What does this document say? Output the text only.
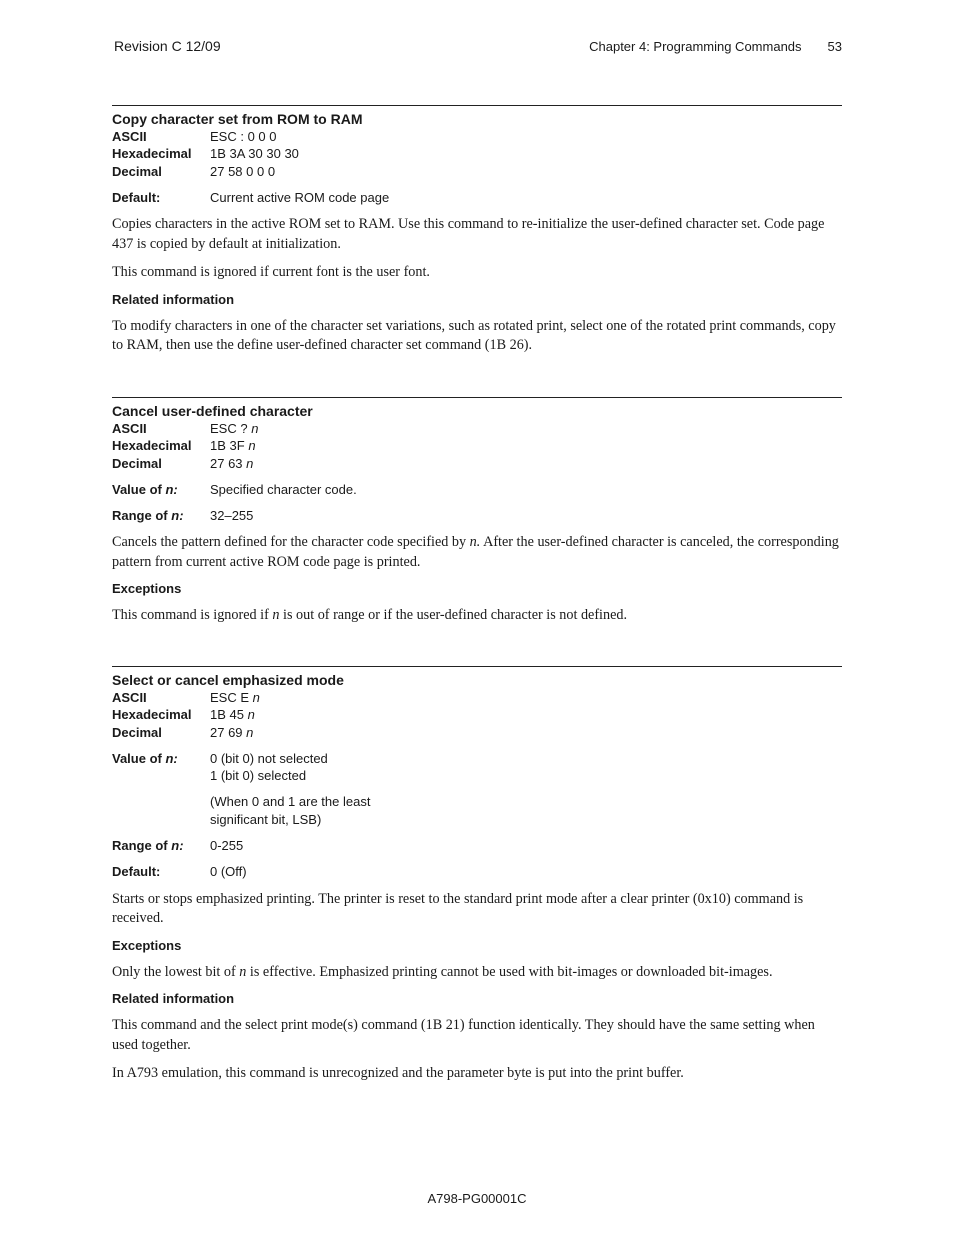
Revision C 12/09	Chapter 4: Programming Commands 53
Copy character set from ROM to RAM
ASCII	ESC : 0 0 0
Hexadecimal	1B 3A 30 30 30
Decimal	27 58 0 0 0
Default:	Current active ROM code page
Copies characters in the active ROM set to RAM. Use this command to re-initialize the user-defined character set. Code page 437 is copied by default at initialization.
This command is ignored if current font is the user font.
Related information
To modify characters in one of the character set variations, such as rotated print, select one of the rotated print commands, copy to RAM, then use the define user-defined character set command (1B 26).
Cancel user-defined character
ASCII	ESC ? n
Hexadecimal	1B 3F n
Decimal	27 63 n
Value of n:	Specified character code.
Range of n:	32–255
Cancels the pattern defined for the character code specified by n. After the user-defined character is canceled, the corresponding pattern from current active ROM code page is printed.
Exceptions
This command is ignored if n is out of range or if the user-defined character is not defined.
Select or cancel emphasized mode
ASCII	ESC E n
Hexadecimal	1B 45 n
Decimal	27 69 n
Value of n:	0 (bit 0) not selected
1 (bit 0) selected
(When 0 and 1 are the least
significant bit, LSB)
Range of n:	0-255
Default:	0 (Off)
Starts or stops emphasized printing. The printer is reset to the standard print mode after a clear printer (0x10) command is received.
Exceptions
Only the lowest bit of n is effective. Emphasized printing cannot be used with bit-images or downloaded bit-images.
Related information
This command and the select print mode(s) command (1B 21) function identically. They should have the same setting when used together.
In A793 emulation, this command is unrecognized and the parameter byte is put into the print buffer.
A798-PG00001C
